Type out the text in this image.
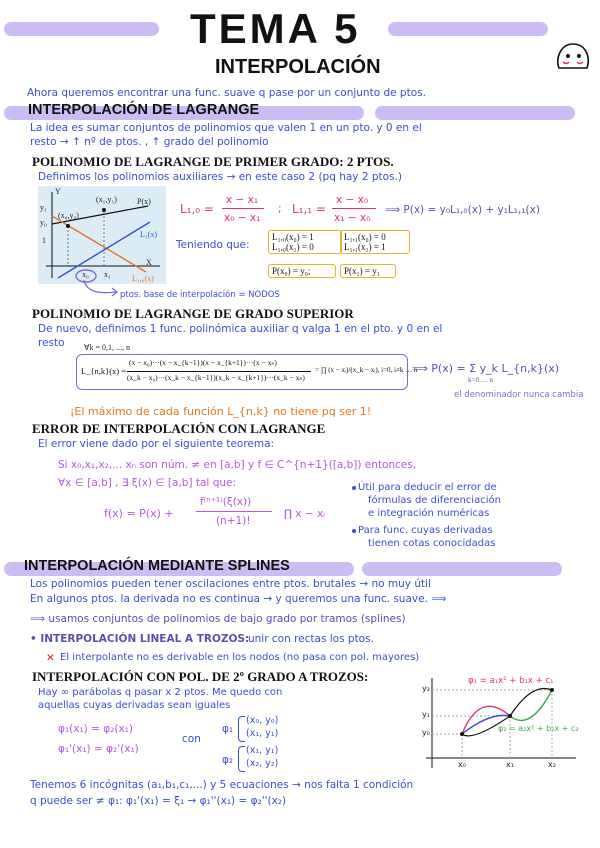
TEMA 5
INTERPOLACIÓN
Ahora queremos encontrar una func. suave q pase por un conjunto de ptos.
INTERPOLACIÓN DE LAGRANGE
La idea es sumar conjuntos de polinomios que valen 1 en un pto. y 0 en el
resto → ↑ nº de ptos. , ↑ grado del polinomio
POLINOMIO DE LAGRANGE DE PRIMER GRADO: 2 PTOS.
Definimos los polinomios auxiliares → en este caso 2 (pq hay 2 ptos.)
Y
y₁
y₀
1
(x₁,y₁)
(x₀,y₀)
P(x)
L₁(x)
L₁,₀(x)
X
x₀ x₁
L₁,₀ =
x − x₁
x₀ − x₁
; L₁,₁ =
x − x₀
x₁ − x₀
⟹ P(x) = y₀L₁,₀(x) + y₁L₁,₁(x)
Teniendo que:
L₁,₀(x₀) = 1
L₁,₀(x₁) = 0
L₁,₁(x₀) = 0
L₁,₁(x₁) = 1
P(x₀) = y₀;	P(x₁) = y₁
ptos. base de interpolación = NODOS
POLINOMIO DE LAGRANGE DE GRADO SUPERIOR
De nuevo, definimos 1 func. polinómica auxiliar q valga 1 en el pto. y 0 en el
resto ∀k = 0,1, ..., n
L_{n,k}(x) =
(x − x₀)···(x − x_{k−1})(x − x_{k+1})···(x − xₙ)
(x_k − x₀)···(x_k − x_{k−1})(x_k − x_{k+1})···(x_k − xₙ)
= ∏ (x − xᵢ)/(x_k − xᵢ), i=0, i≠k … n
⟹ P(x) = Σ y_k L_{n,k}(x)
k=0 … n
el denominador nunca cambia
¡El máximo de cada función L_{n,k} no tiene pq ser 1!
ERROR DE INTERPOLACIÓN CON LAGRANGE
El error viene dado por el siguiente teorema:
Si x₀,x₁,x₂,... xₙ son núm. ≠ en [a,b] y f ∈ C^{n+1}([a,b]) entonces,
∀x ∈ [a,b] , ∃ ξ(x) ∈ [a,b] tal que:
f(x) = P(x) +
f⁽ⁿ⁺¹⁾(ξ(x))
(n+1)!
∏ x − xᵢ
Útil para deducir el error de
fórmulas de diferenciación
e integración numéricas
Para func. cuyas derivadas
tienen cotas conocidadas
INTERPOLACIÓN MEDIANTE SPLINES
Los polinomios pueden tener oscilaciones entre ptos. brutales → no muy útil
En algunos ptos. la derivada no es continua → y queremos una func. suave. ⟹
⟹ usamos conjuntos de polinomios de bajo grado por tramos (splines)
• INTERPOLACIÓN LINEAL A TROZOS:
unir con rectas los ptos.
✕ El interpolante no es derivable en los nodos (no pasa con pol. mayores)
INTERPOLACIÓN CON POL. DE 2º GRADO A TROZOS:
Hay ∞ parábolas q pasar x 2 ptos. Me quedo con
aquellas cuyas derivadas sean iguales
φ₁(x₁) = φ₂(x₁)
φ₁'(x₁) = φ₂'(x₁)
con
φ₁
(x₀, y₀)
(x₁, y₁)
φ₂
(x₁, y₁)
(x₂, y₂)
y₂
y₁
y₀
x₀	x₁	x₂
φ₁ = a₁x² + b₁x + c₁
φ₂ = a₂x² + b₂x + c₂
Tenemos 6 incógnitas (a₁,b₁,c₁,...) y 5 ecuaciones → nos falta 1 condición
q puede ser ≠ φ₁: φ₁'(x₁) = ξ₁ → φ₁''(x₁) = φ₂''(x₂)
